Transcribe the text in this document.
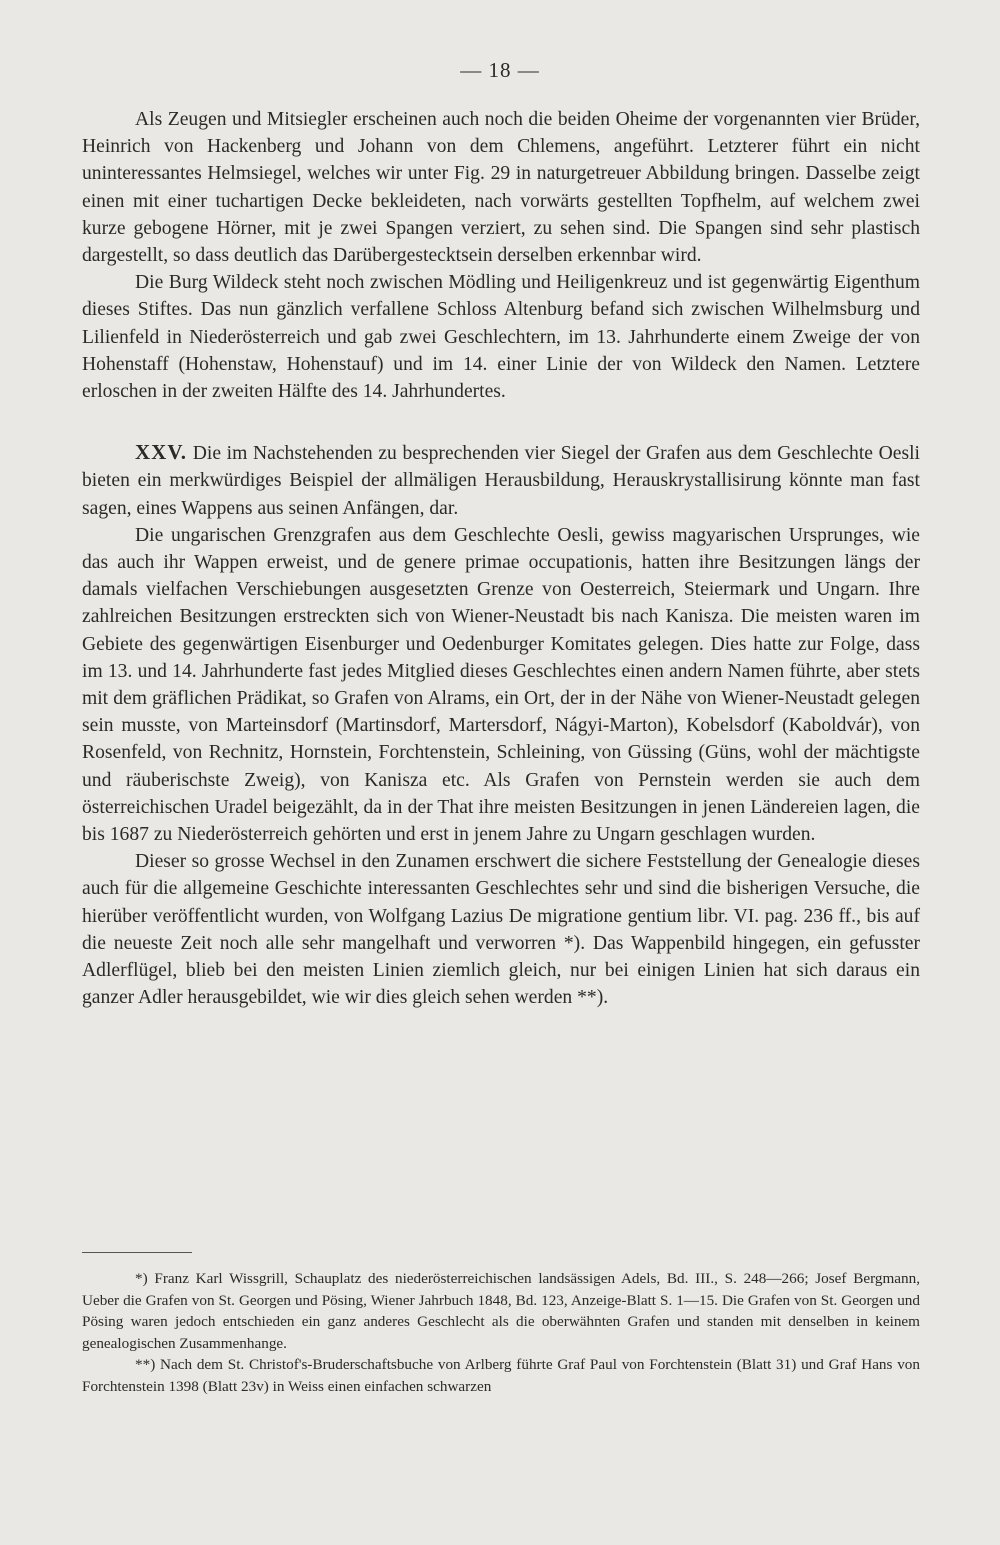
— 18 —

Als Zeugen und Mitsiegler erscheinen auch noch die beiden Oheime der vorgenannten vier Brüder, Heinrich von Hackenberg und Johann von dem Chlemens, angeführt. Letzterer führt ein nicht uninteressantes Helmsiegel, welches wir unter Fig. 29 in naturgetreuer Abbildung bringen. Dasselbe zeigt einen mit einer tuchartigen Decke bekleideten, nach vorwärts gestellten Topfhelm, auf welchem zwei kurze gebogene Hörner, mit je zwei Spangen verziert, zu sehen sind. Die Spangen sind sehr plastisch dargestellt, so dass deutlich das Darübergestecktsein derselben erkennbar wird.

Die Burg Wildeck steht noch zwischen Mödling und Heiligenkreuz und ist gegenwärtig Eigenthum dieses Stiftes. Das nun gänzlich verfallene Schloss Altenburg befand sich zwischen Wilhelmsburg und Lilienfeld in Niederösterreich und gab zwei Geschlechtern, im 13. Jahrhunderte einem Zweige der von Hohenstaff (Hohenstaw, Hohenstauf) und im 14. einer Linie der von Wildeck den Namen. Letztere erloschen in der zweiten Hälfte des 14. Jahrhundertes.

XXV. Die im Nachstehenden zu besprechenden vier Siegel der Grafen aus dem Geschlechte Oesli bieten ein merkwürdiges Beispiel der allmäligen Herausbildung, Herauskrystallisirung könnte man fast sagen, eines Wappens aus seinen Anfängen, dar.

Die ungarischen Grenzgrafen aus dem Geschlechte Oesli, gewiss magyarischen Ursprunges, wie das auch ihr Wappen erweist, und de genere primae occupationis, hatten ihre Besitzungen längs der damals vielfachen Verschiebungen ausgesetzten Grenze von Oesterreich, Steiermark und Ungarn. Ihre zahlreichen Besitzungen erstreckten sich von Wiener-Neustadt bis nach Kanisza. Die meisten waren im Gebiete des gegenwärtigen Eisenburger und Oedenburger Komitates gelegen. Dies hatte zur Folge, dass im 13. und 14. Jahrhunderte fast jedes Mitglied dieses Geschlechtes einen andern Namen führte, aber stets mit dem gräflichen Prädikat, so Grafen von Alrams, ein Ort, der in der Nähe von Wiener-Neustadt gelegen sein musste, von Marteinsdorf (Martinsdorf, Martersdorf, Nágyi-Marton), Kobelsdorf (Kaboldvár), von Rosenfeld, von Rechnitz, Hornstein, Forchtenstein, Schleining, von Güssing (Güns, wohl der mächtigste und räuberischste Zweig), von Kanisza etc. Als Grafen von Pernstein werden sie auch dem österreichischen Uradel beigezählt, da in der That ihre meisten Besitzungen in jenen Ländereien lagen, die bis 1687 zu Niederösterreich gehörten und erst in jenem Jahre zu Ungarn geschlagen wurden.

Dieser so grosse Wechsel in den Zunamen erschwert die sichere Feststellung der Genealogie dieses auch für die allgemeine Geschichte interessanten Geschlechtes sehr und sind die bisherigen Versuche, die hierüber veröffentlicht wurden, von Wolfgang Lazius De migratione gentium libr. VI. pag. 236 ff., bis auf die neueste Zeit noch alle sehr mangelhaft und verworren *). Das Wappenbild hingegen, ein gefusster Adlerflügel, blieb bei den meisten Linien ziemlich gleich, nur bei einigen Linien hat sich daraus ein ganzer Adler herausgebildet, wie wir dies gleich sehen werden **).

*) Franz Karl Wissgrill, Schauplatz des niederösterreichischen landsässigen Adels, Bd. III., S. 248—266; Josef Bergmann, Ueber die Grafen von St. Georgen und Pösing, Wiener Jahrbuch 1848, Bd. 123, Anzeige-Blatt S. 1—15. Die Grafen von St. Georgen und Pösing waren jedoch entschieden ein ganz anderes Geschlecht als die oberwähnten Grafen und standen mit denselben in keinem genealogischen Zusammenhange.

**) Nach dem St. Christof's-Bruderschaftsbuche von Arlberg führte Graf Paul von Forchtenstein (Blatt 31) und Graf Hans von Forchtenstein 1398 (Blatt 23v) in Weiss einen einfachen schwarzen
